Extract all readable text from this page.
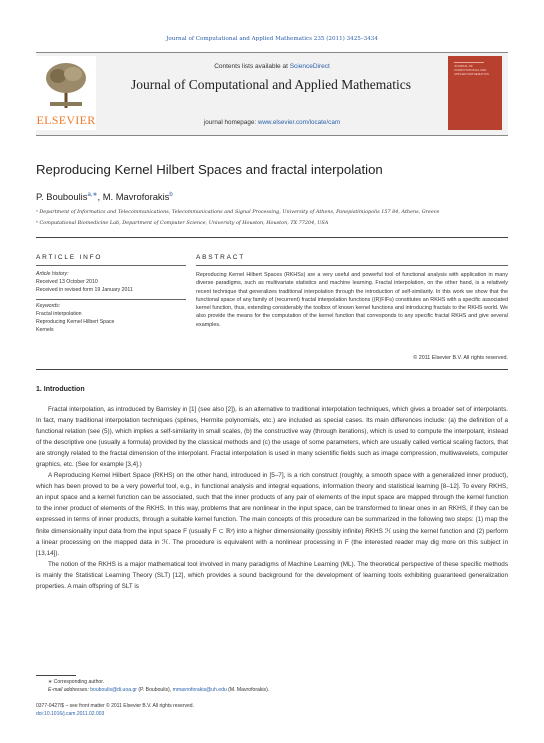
Journal of Computational and Applied Mathematics 235 (2011) 3425–3434
ELSEVIER
Contents lists available at ScienceDirect
Journal of Computational and Applied Mathematics
journal homepage: www.elsevier.com/locate/cam
JOURNAL OF COMPUTATIONAL AND APPLIED MATHEMATICS
Reproducing Kernel Hilbert Spaces and fractal interpolation
P. Bouboulis$^{a,∗}$, M. Mavroforakis$^b$
ᵃ Department of Informatics and Telecommunications, Telecommunications and Signal Processing, University of Athens, Panepistimiopolis 157 84, Athens, Greece
ᵇ Computational Biomedicine Lab, Department of Computer Science, University of Houston, Houston, TX 77204, USA
ARTICLE INFO	ABSTRACT
Article history:
Received 13 October 2010
Received in revised form 19 January 2011
Keywords:
Fractal interpolation
Reproducing Kernel Hilbert Space
Kernels
Reproducing Kernel Hilbert Spaces (RKHSs) are a very useful and powerful tool of functional analysis with application in many diverse paradigms, such as multivariate statistics and machine learning. Fractal interpolation, on the other hand, is a relatively recent technique that generalizes traditional interpolation through the introduction of self-similarity. In this work we show that the functional space of any family of (recurrent) fractal interpolation functions ((R)FIFs) constitutes an RKHS with a specific associated kernel function, thus, extending considerably the toolbox of known kernel functions and introducing fractals to the RKHS world. We also provide the means for the computation of the kernel function that corresponds to any specific fractal RKHS and give several examples.
© 2011 Elsevier B.V. All rights reserved.
1. Introduction

Fractal interpolation, as introduced by Barnsley in [1] (see also [2]), is an alternative to traditional interpolation techniques, which gives a broader set of interpolants. In fact, many traditional interpolation techniques (splines, Hermite polynomials, etc.) are included as special cases. Its main differences include: (a) the definition of a functional relation (see (5)), which implies a self-similarity in small scales, (b) the constructive way (through iterations), which is used to compute the interpolant, instead of the descriptive one (usually a formula) provided by the classical methods and (c) the usage of some parameters, which are usually called vertical scaling factors, that are strongly related to the fractal dimension of the interpolant. Fractal interpolation is used in many scientific fields such as image compression, multiwavelets, computer graphics, etc. (See for example [3,4].)

A Reproducing Kernel Hilbert Space (RKHS) on the other hand, introduced in [5–7], is a rich construct (roughly, a smooth space with a generalized inner product), which has been proved to be a very powerful tool, e.g., in functional analysis and integral equations, information theory and statistical learning [8–12]. To every RKHS, an input space and a kernel function can be associated, such that the inner products of any pair of elements of the input space are mapped through the kernel function to the inner product of elements of the RKHS. In this way, problems that are nonlinear in the input space, can be transformed to linear ones in an RKHS, if they can be expressed in terms of inner products, through a suitable kernel function. The main concepts of this procedure can be summarized in the following two steps: (1) map the finite dimensionality input data from the input space F (usually F ⊂ ℝᵛ) into a higher dimensionality (possibly infinite) RKHS ℋ using the kernel function and (2) perform a linear processing on the mapped data in ℋ. The procedure is equivalent with a nonlinear processing in F (the interested reader may dig more on this subject in [13,14]).

The notion of the RKHS is a major mathematical tool involved in many paradigms of Machine Learning (ML). The theoretical perspective of these specific methods is mainly the Statistical Learning Theory (SLT) [12], which provides a sound background for the development of learning tools exhibiting guaranteed generalization properties. A main offspring of SLT is

∗ Corresponding author.
E-mail addresses: bouboulis@di.uoa.gr (P. Bouboulis), mmavroforakis@uh.edu (M. Mavroforakis).
0377-0427/$ – see front matter © 2011 Elsevier B.V. All rights reserved.
doi:10.1016/j.cam.2011.02.003
